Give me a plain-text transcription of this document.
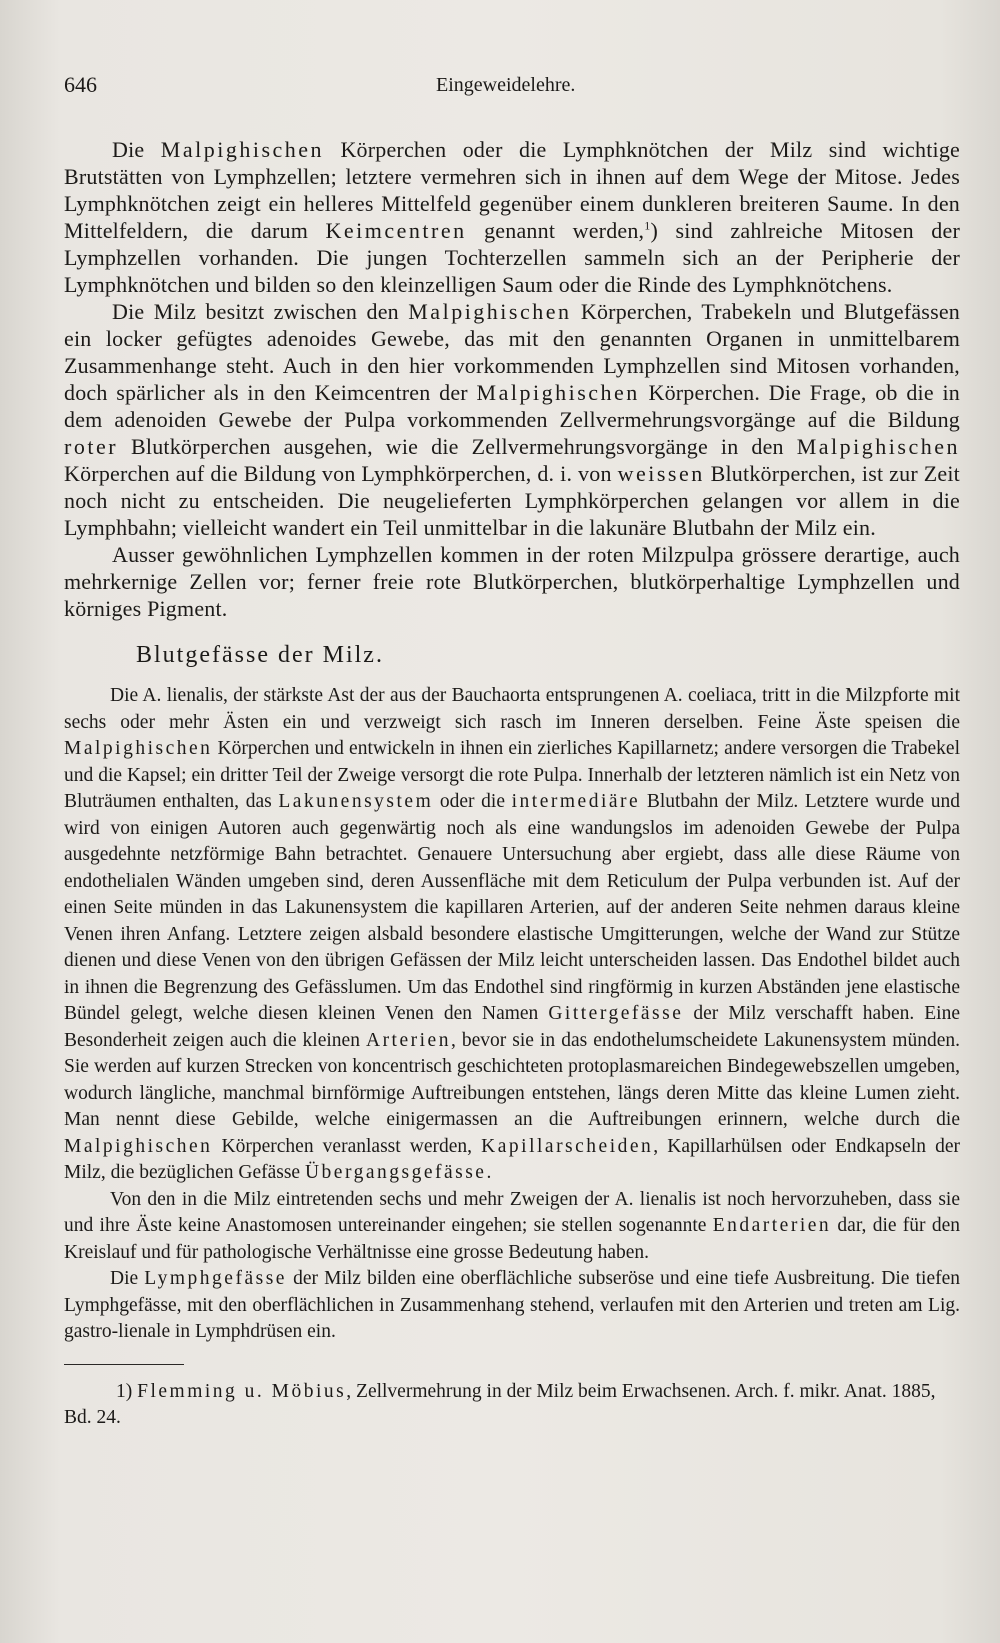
646	Eingeweidelehre.

Die Malpighischen Körperchen oder die Lymphknötchen der Milz sind wichtige Brutstätten von Lymphzellen; letztere vermehren sich in ihnen auf dem Wege der Mitose. Jedes Lymphknötchen zeigt ein helleres Mittelfeld gegenüber einem dunkleren breiteren Saume. In den Mittelfeldern, die darum Keimcentren genannt werden,$^1$) sind zahlreiche Mitosen der Lymphzellen vorhanden. Die jungen Tochterzellen sammeln sich an der Peripherie der Lymphknötchen und bilden so den kleinzelligen Saum oder die Rinde des Lymphknötchens.

Die Milz besitzt zwischen den Malpighischen Körperchen, Trabekeln und Blutgefässen ein locker gefügtes adenoides Gewebe, das mit den genannten Organen in unmittelbarem Zusammenhange steht. Auch in den hier vorkommenden Lymphzellen sind Mitosen vorhanden, doch spärlicher als in den Keimcentren der Malpighischen Körperchen. Die Frage, ob die in dem adenoiden Gewebe der Pulpa vorkommenden Zellvermehrungsvorgänge auf die Bildung roter Blutkörperchen ausgehen, wie die Zellvermehrungsvorgänge in den Malpighischen Körperchen auf die Bildung von Lymphkörperchen, d. i. von weissen Blutkörperchen, ist zur Zeit noch nicht zu entscheiden. Die neugelieferten Lymphkörperchen gelangen vor allem in die Lymphbahn; vielleicht wandert ein Teil unmittelbar in die lakunäre Blutbahn der Milz ein.

Ausser gewöhnlichen Lymphzellen kommen in der roten Milzpulpa grössere derartige, auch mehrkernige Zellen vor; ferner freie rote Blutkörperchen, blutkörperhaltige Lymphzellen und körniges Pigment.

Blutgefässe der Milz.

Die A. lienalis, der stärkste Ast der aus der Bauchaorta entsprungenen A. coeliaca, tritt in die Milzpforte mit sechs oder mehr Ästen ein und verzweigt sich rasch im Inneren derselben. Feine Äste speisen die Malpighischen Körperchen und entwickeln in ihnen ein zierliches Kapillarnetz; andere versorgen die Trabekel und die Kapsel; ein dritter Teil der Zweige versorgt die rote Pulpa. Innerhalb der letzteren nämlich ist ein Netz von Bluträumen enthalten, das Lakunensystem oder die intermediäre Blutbahn der Milz. Letztere wurde und wird von einigen Autoren auch gegenwärtig noch als eine wandungslos im adenoiden Gewebe der Pulpa ausgedehnte netzförmige Bahn betrachtet. Genauere Untersuchung aber ergiebt, dass alle diese Räume von endothelialen Wänden umgeben sind, deren Aussenfläche mit dem Reticulum der Pulpa verbunden ist. Auf der einen Seite münden in das Lakunensystem die kapillaren Arterien, auf der anderen Seite nehmen daraus kleine Venen ihren Anfang. Letztere zeigen alsbald besondere elastische Umgitterungen, welche der Wand zur Stütze dienen und diese Venen von den übrigen Gefässen der Milz leicht unterscheiden lassen. Das Endothel bildet auch in ihnen die Begrenzung des Gefässlumen. Um das Endothel sind ringförmig in kurzen Abständen jene elastische Bündel gelegt, welche diesen kleinen Venen den Namen Gittergefässe der Milz verschafft haben. Eine Besonderheit zeigen auch die kleinen Arterien, bevor sie in das endothelumscheidete Lakunensystem münden. Sie werden auf kurzen Strecken von koncentrisch geschichteten protoplasmareichen Bindegewebszellen umgeben, wodurch längliche, manchmal birnförmige Auftreibungen entstehen, längs deren Mitte das kleine Lumen zieht. Man nennt diese Gebilde, welche einigermassen an die Auftreibungen erinnern, welche durch die Malpighischen Körperchen veranlasst werden, Kapillarscheiden, Kapillarhülsen oder Endkapseln der Milz, die bezüglichen Gefässe Übergangsgefässe.

Von den in die Milz eintretenden sechs und mehr Zweigen der A. lienalis ist noch hervorzuheben, dass sie und ihre Äste keine Anastomosen untereinander eingehen; sie stellen sogenannte Endarterien dar, die für den Kreislauf und für pathologische Verhältnisse eine grosse Bedeutung haben.

Die Lymphgefässe der Milz bilden eine oberflächliche subseröse und eine tiefe Ausbreitung. Die tiefen Lymphgefässe, mit den oberflächlichen in Zusammenhang stehend, verlaufen mit den Arterien und treten am Lig. gastro-lienale in Lymphdrüsen ein.

1) Flemming u. Möbius, Zellvermehrung in der Milz beim Erwachsenen. Arch. f. mikr. Anat. 1885, Bd. 24.
